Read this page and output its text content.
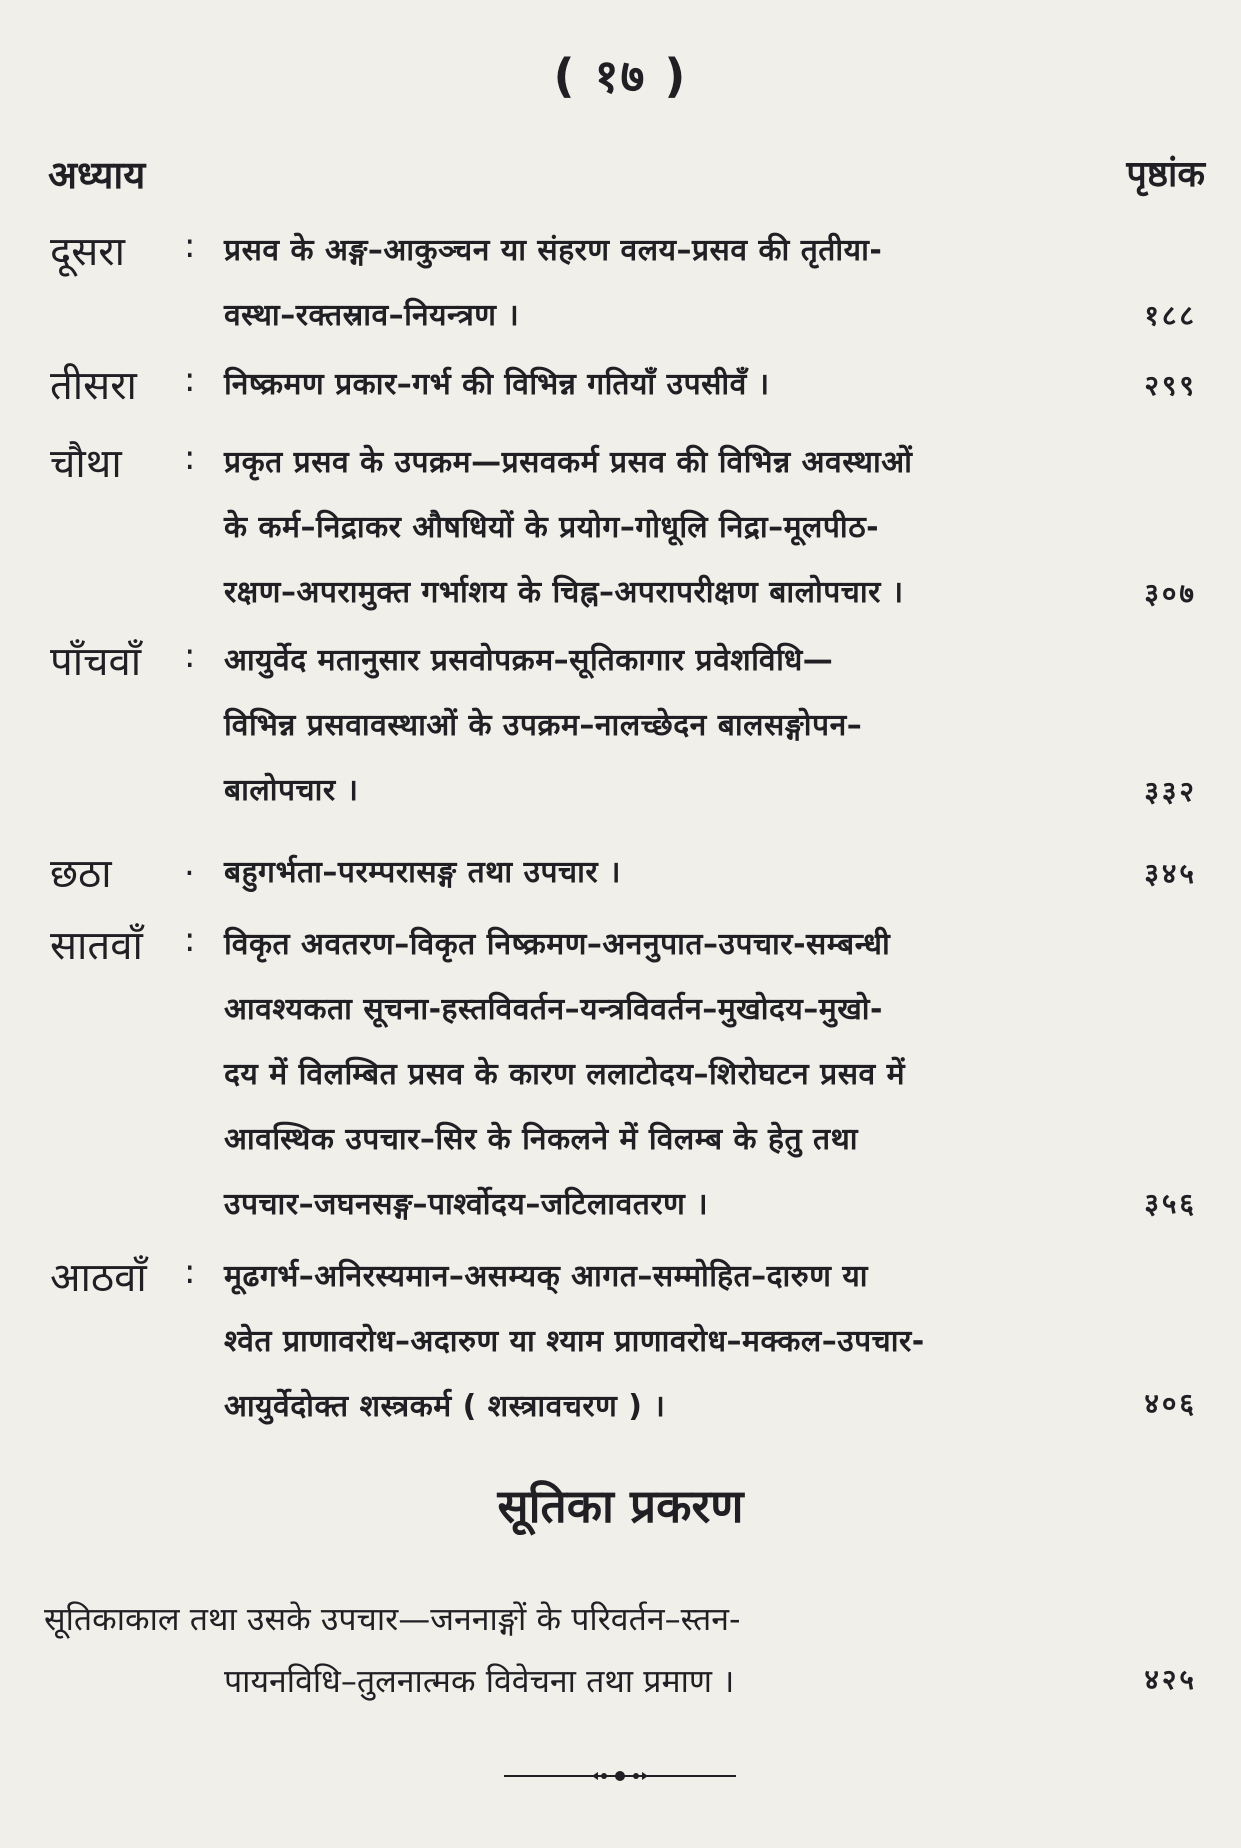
( १७ )
अध्याय	पृष्ठांक
दूसरा : प्रसव के अङ्ग–आकुञ्चन या संहरण वलय–प्रसव की तृतीया-
वस्था–रक्तस्राव–नियन्त्रण ।	१८८
तीसरा : निष्क्रमण प्रकार–गर्भ की विभिन्न गतियाँ उपसीवँ ।	२९९
चौथा : प्रकृत प्रसव के उपक्रम—प्रसवकर्म प्रसव की विभिन्न अवस्थाओं
के कर्म–निद्राकर औषधियों के प्रयोग–गोधूलि निद्रा–मूलपीठ-
रक्षण–अपरामुक्त गर्भाशय के चिह्न–अपरापरीक्षण बालोपचार ।	३०७
पाँचवाँ : आयुर्वेद मतानुसार प्रसवोपक्रम–सूतिकागार प्रवेशविधि—
विभिन्न प्रसवावस्थाओं के उपक्रम–नालच्छेदन बालसङ्गोपन–
बालोपचार ।	३३२
छठा . बहुगर्भता–परम्परासङ्ग तथा उपचार ।	३४५
सातवाँ : विकृत अवतरण–विकृत निष्क्रमण–अननुपात–उपचार-सम्बन्धी
आवश्यकता सूचना-हस्तविवर्तन–यन्त्रविवर्तन–मुखोदय–मुखो-
दय में विलम्बित प्रसव के कारण ललाटोदय–शिरोघटन प्रसव में
आवस्थिक उपचार–सिर के निकलने में विलम्ब के हेतु तथा
उपचार–जघनसङ्ग–पार्श्वोदय–जटिलावतरण ।	३५६
आठवाँ : मूढगर्भ–अनिरस्यमान–असम्यक् आगत–सम्मोहित–दारुण या
श्वेत प्राणावरोध–अदारुण या श्याम प्राणावरोध–मक्कल–उपचार-
आयुर्वेदोक्त शस्त्रकर्म ( शस्त्रावचरण ) ।	४०६
सूतिका प्रकरण
सूतिकाकाल तथा उसके उपचार—जननाङ्गों के परिवर्तन–स्तन-
पायनविधि–तुलनात्मक विवेचना तथा प्रमाण ।	४२५
